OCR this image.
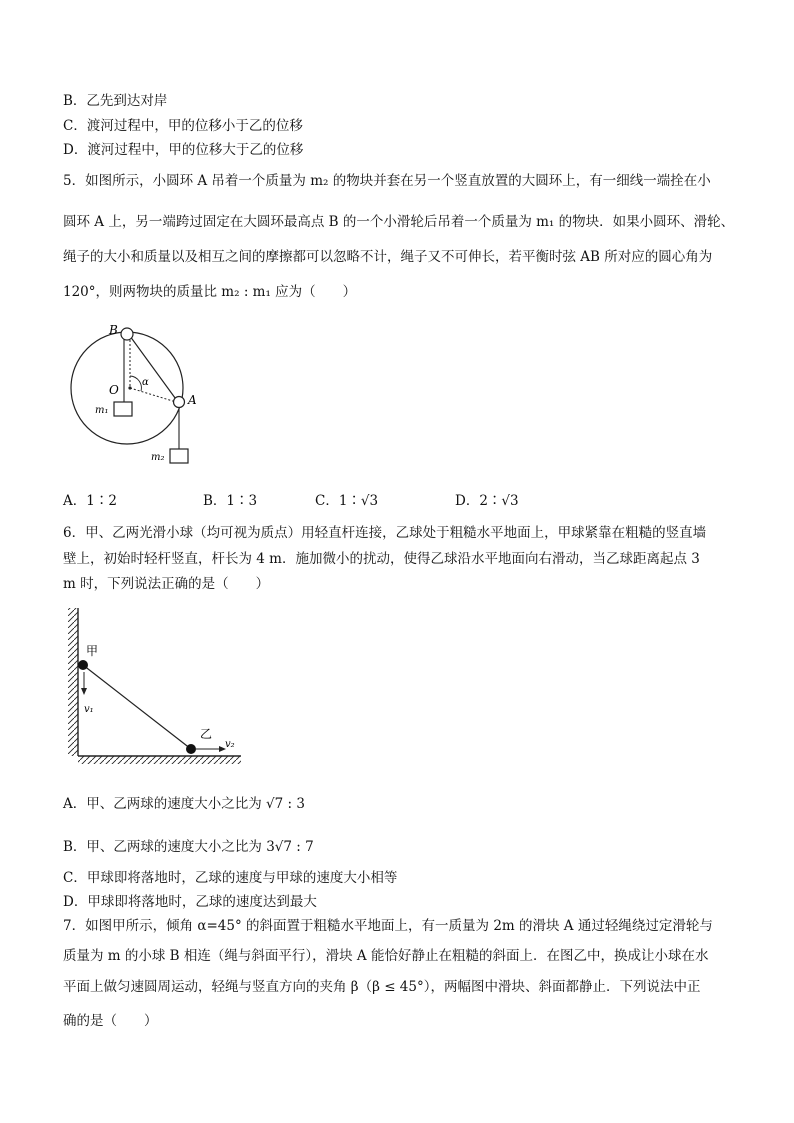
B．乙先到达对岸
C．渡河过程中，甲的位移小于乙的位移
D．渡河过程中，甲的位移大于乙的位移
5．如图所示，小圆环 A 吊着一个质量为 m₂ 的物块并套在另一个竖直放置的大圆环上，有一细线一端拴在小
圆环 A 上，另一端跨过固定在大圆环最高点 B 的一个小滑轮后吊着一个质量为 m₁ 的物块．如果小圆环、滑轮、
绳子的大小和质量以及相互之间的摩擦都可以忽略不计，绳子又不可伸长，若平衡时弦 AB 所对应的圆心角为
120°，则两物块的质量比 m₂ : m₁ 应为（　　）
B
O
α
A
m₁
m₂
A．1∶2	B．1∶3	C．1∶√3	D．2∶√3
6．甲、乙两光滑小球（均可视为质点）用轻直杆连接，乙球处于粗糙水平地面上，甲球紧靠在粗糙的竖直墙
壁上，初始时轻杆竖直，杆长为 4 m．施加微小的扰动，使得乙球沿水平地面向右滑动，当乙球距离起点 3
m 时，下列说法正确的是（　　）
甲
乙
v₁
v₂
A．甲、乙两球的速度大小之比为 √7 : 3
B．甲、乙两球的速度大小之比为 3√7 : 7
C．甲球即将落地时，乙球的速度与甲球的速度大小相等
D．甲球即将落地时，乙球的速度达到最大
7．如图甲所示，倾角 α=45° 的斜面置于粗糙水平地面上，有一质量为 2m 的滑块 A 通过轻绳绕过定滑轮与
质量为 m 的小球 B 相连（绳与斜面平行），滑块 A 能恰好静止在粗糙的斜面上．在图乙中，换成让小球在水
平面上做匀速圆周运动，轻绳与竖直方向的夹角 β（β ≤ 45°），两幅图中滑块、斜面都静止．下列说法中正
确的是（　　）
